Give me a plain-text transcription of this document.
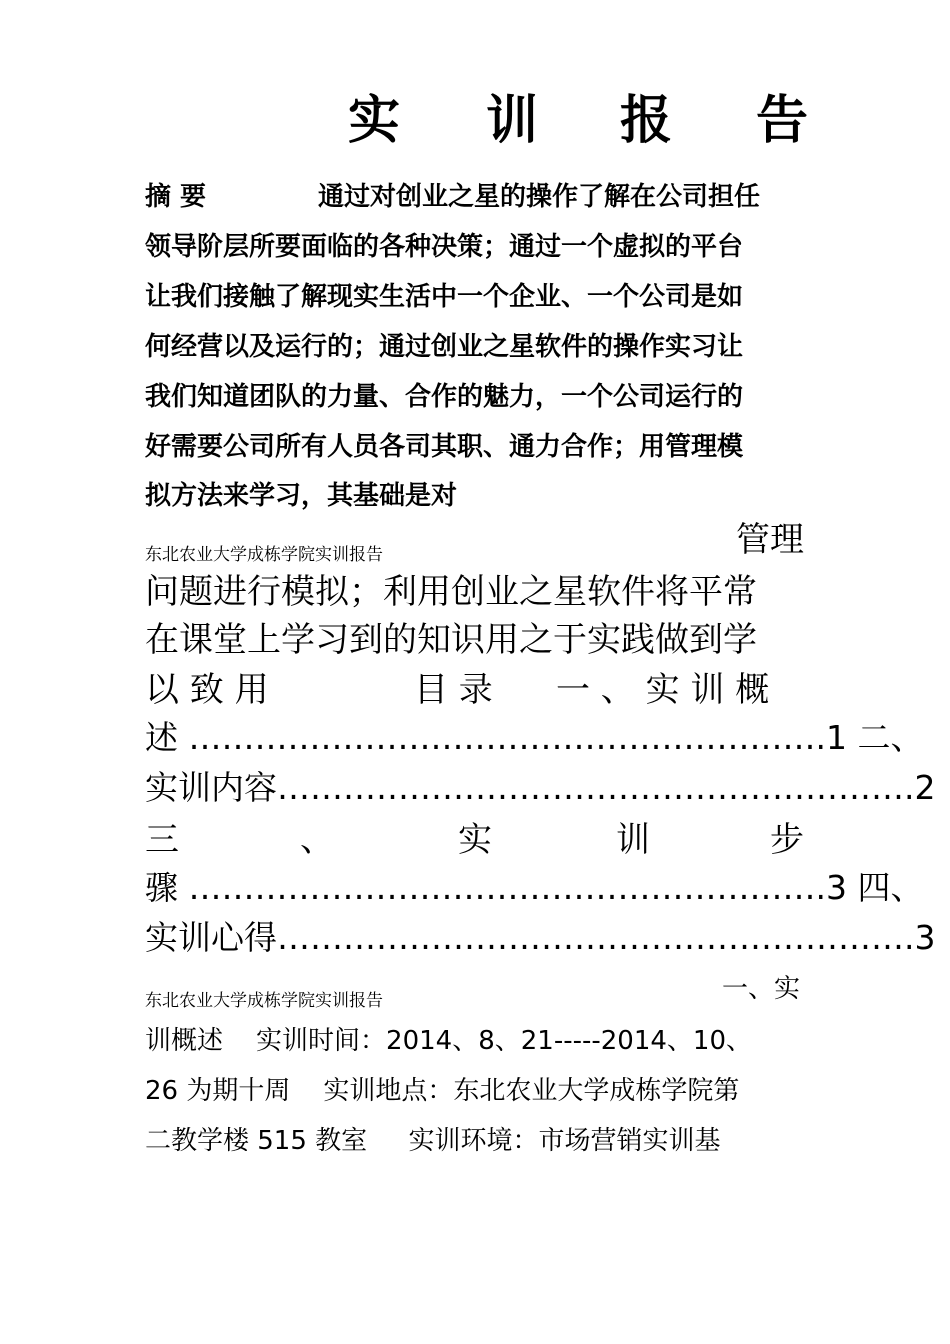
实 训 报 告
摘 要	通过对创业之星的操作了解在公司担任
领导阶层所要面临的各种决策；通过一个虚拟的平台
让我们接触了解现实生活中一个企业、一个公司是如
何经营以及运行的；通过创业之星软件的操作实习让
我们知道团队的力量、合作的魅力，一个公司运行的
好需要公司所有人员各司其职、通力合作；用管理模
拟方法来学习，其基础是对
管理
东北农业大学成栋学院实训报告
问题进行模拟；利用创业之星软件将平常
在课堂上学习到的知识用之于实践做到学
以 致 用	目 录 一 、 实 训 概
述 ………………………………………………….1 二、
实训内容………………………………………………….2
三	、	实	训	步
骤 ………………………………………………….3 四、
实训心得………………………………………………….3
一、实
东北农业大学成栋学院实训报告
训概述    实训时间：2014、8、21-----2014、10、
26 为期十周    实训地点：东北农业大学成栋学院第
二教学楼 515 教室     实训环境：市场营销实训基
